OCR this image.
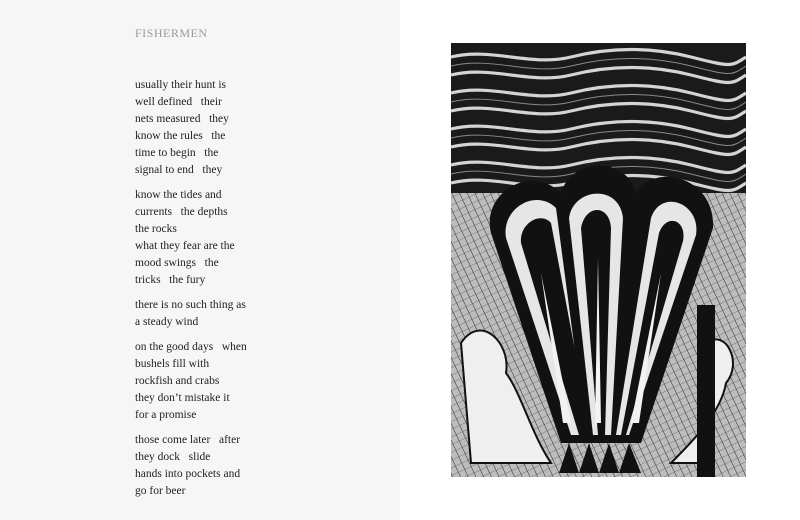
FISHERMEN
usually their hunt is
well defined   their
nets measured   they
know the rules   the
time to begin   the
signal to end   they
know the tides and
currents   the depths
the rocks
what they fear are the
mood swings   the
tricks   the fury
there is no such thing as
a steady wind
on the good days   when
bushels fill with
rockfish and crabs
they don’t mistake it
for a promise
those come later   after
they dock   slide
hands into pockets and
go for beer
